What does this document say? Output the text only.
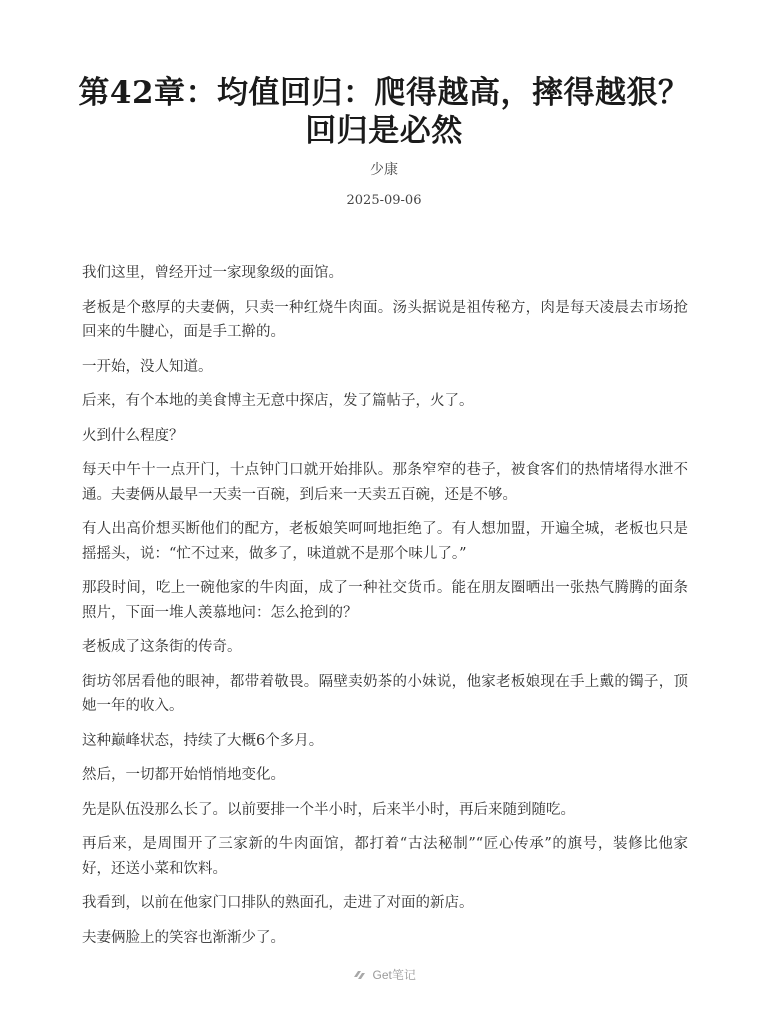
第42章：均值回归：爬得越高，摔得越狠？回归是必然
少康
2025-09-06

我们这里，曾经开过一家现象级的面馆。

老板是个憨厚的夫妻俩，只卖一种红烧牛肉面。汤头据说是祖传秘方，肉是每天凌晨去市场抢回来的牛腱心，面是手工擀的。

一开始，没人知道。

后来，有个本地的美食博主无意中探店，发了篇帖子，火了。

火到什么程度？

每天中午十一点开门，十点钟门口就开始排队。那条窄窄的巷子，被食客们的热情堵得水泄不通。夫妻俩从最早一天卖一百碗，到后来一天卖五百碗，还是不够。

有人出高价想买断他们的配方，老板娘笑呵呵地拒绝了。有人想加盟，开遍全城，老板也只是摇摇头，说：“忙不过来，做多了，味道就不是那个味儿了。”

那段时间，吃上一碗他家的牛肉面，成了一种社交货币。能在朋友圈晒出一张热气腾腾的面条照片，下面一堆人羡慕地问：怎么抢到的？

老板成了这条街的传奇。

街坊邻居看他的眼神，都带着敬畏。隔壁卖奶茶的小妹说，他家老板娘现在手上戴的镯子，顶她一年的收入。

这种巅峰状态，持续了大概6个多月。

然后，一切都开始悄悄地变化。

先是队伍没那么长了。以前要排一个半小时，后来半小时，再后来随到随吃。

再后来，是周围开了三家新的牛肉面馆，都打着“古法秘制”“匠心传承”的旗号，装修比他家好，还送小菜和饮料。

我看到，以前在他家门口排队的熟面孔，走进了对面的新店。

夫妻俩脸上的笑容也渐渐少了。

Get笔记
